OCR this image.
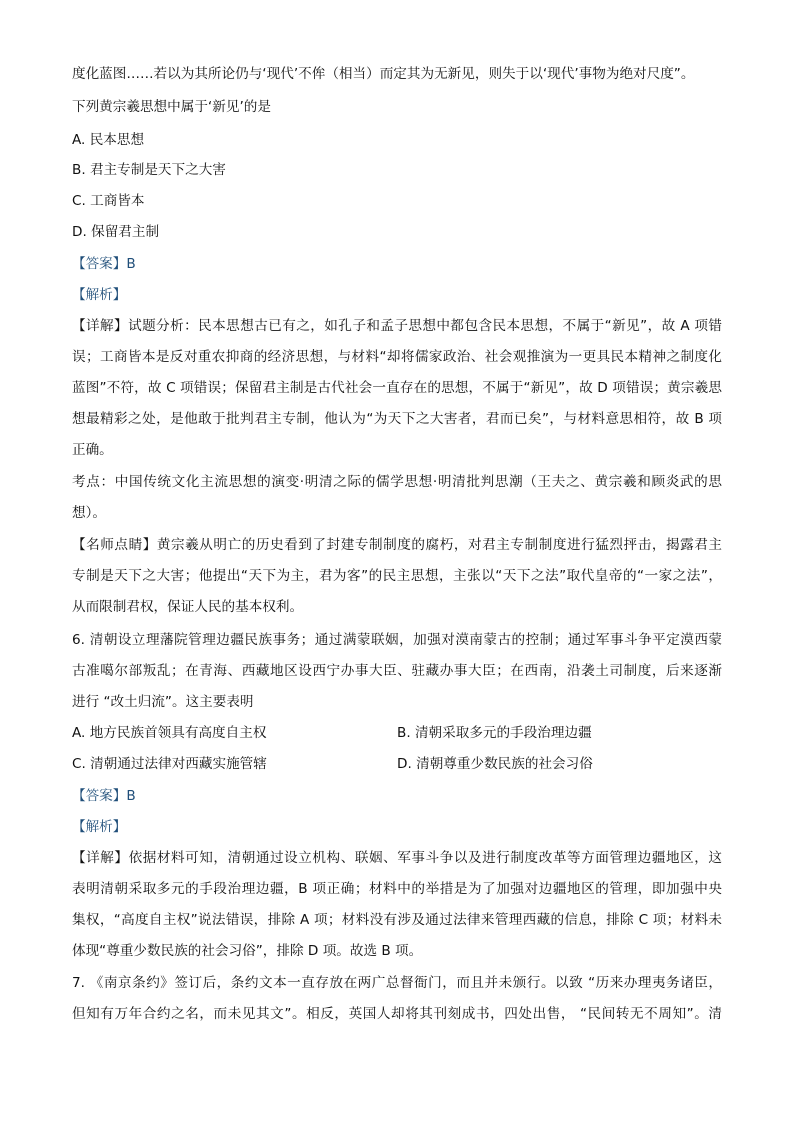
度化蓝图……若以为其所论仍与‘现代’不侔（相当）而定其为无新见，则失于以‘现代’事物为绝对尺度”。
下列黄宗羲思想中属于‘新见’的是
A. 民本思想
B. 君主专制是天下之大害
C. 工商皆本
D. 保留君主制
【答案】B
【解析】
【详解】试题分析：民本思想古已有之，如孔子和孟子思想中都包含民本思想，不属于“新见”，故 A 项错
误；工商皆本是反对重农抑商的经济思想，与材料“却将儒家政治、社会观推演为一更具民本精神之制度化
蓝图”不符，故 C 项错误；保留君主制是古代社会一直存在的思想，不属于“新见”，故 D 项错误；黄宗羲思
想最精彩之处，是他敢于批判君主专制，他认为“为天下之大害者，君而已矣”，与材料意思相符，故 B 项
正确。
考点：中国传统文化主流思想的演变·明清之际的儒学思想·明清批判思潮（王夫之、黄宗羲和顾炎武的思
想）。
【名师点睛】黄宗羲从明亡的历史看到了封建专制制度的腐朽，对君主专制制度进行猛烈抨击，揭露君主
专制是天下之大害；他提出“天下为主，君为客”的民主思想，主张以“天下之法”取代皇帝的“一家之法”，
从而限制君权，保证人民的基本权利。
6. 清朝设立理藩院管理边疆民族事务；通过满蒙联姻，加强对漠南蒙古的控制；通过军事斗争平定漠西蒙
古准噶尔部叛乱；在青海、西藏地区设西宁办事大臣、驻藏办事大臣；在西南，沿袭土司制度，后来逐渐
进行 “改土归流”。这主要表明
A. 地方民族首领具有高度自主权	B. 清朝采取多元的手段治理边疆
C. 清朝通过法律对西藏实施管辖	D. 清朝尊重少数民族的社会习俗
【答案】B
【解析】
【详解】依据材料可知，清朝通过设立机构、联姻、军事斗争以及进行制度改革等方面管理边疆地区，这
表明清朝采取多元的手段治理边疆，B 项正确；材料中的举措是为了加强对边疆地区的管理，即加强中央
集权，“高度自主权”说法错误，排除 A 项；材料没有涉及通过法律来管理西藏的信息，排除 C 项；材料未
体现“尊重少数民族的社会习俗”，排除 D 项。故选 B 项。
7. 《南京条约》签订后，条约文本一直存放在两广总督衙门，而且并未颁行。以致 “历来办理夷务诸臣，
但知有万年合约之名，而未见其文”。相反，英国人却将其刊刻成书，四处出售， “民间转无不周知”。清
